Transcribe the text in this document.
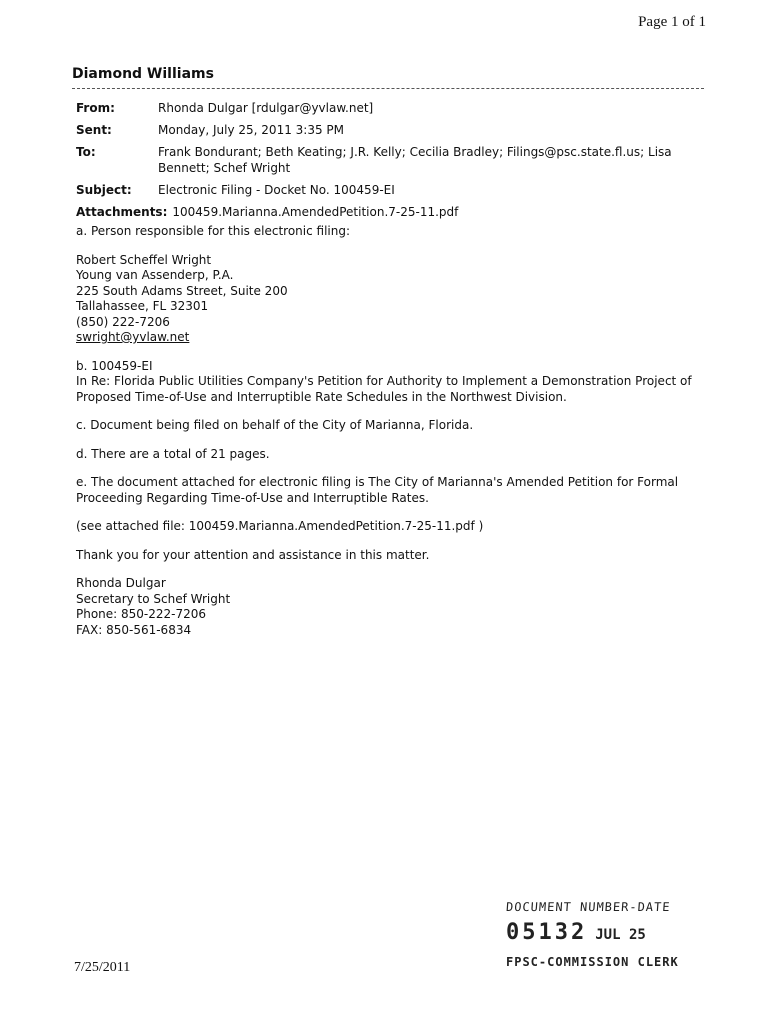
Page 1 of 1
Diamond Williams
From:	Rhonda Dulgar [rdulgar@yvlaw.net]
Sent:	Monday, July 25, 2011 3:35 PM
To:	Frank Bondurant; Beth Keating; J.R. Kelly; Cecilia Bradley; Filings@psc.state.fl.us; Lisa Bennett; Schef Wright
Subject:	Electronic Filing - Docket No. 100459-EI
Attachments: 100459.Marianna.AmendedPetition.7-25-11.pdf

a. Person responsible for this electronic filing:

Robert Scheffel Wright
Young van Assenderp, P.A.
225 South Adams Street, Suite 200
Tallahassee, FL 32301
(850) 222-7206
swright@yvlaw.net

b. 100459-EI
In Re: Florida Public Utilities Company's Petition for Authority to Implement a Demonstration Project of Proposed Time-of-Use and Interruptible Rate Schedules in the Northwest Division.

c. Document being filed on behalf of the City of Marianna, Florida.

d. There are a total of 21 pages.

e. The document attached for electronic filing is The City of Marianna's Amended Petition for Formal Proceeding Regarding Time-of-Use and Interruptible Rates.

(see attached file: 100459.Marianna.AmendedPetition.7-25-11.pdf )

Thank you for your attention and assistance in this matter.

Rhonda Dulgar
Secretary to Schef Wright
Phone: 850-222-7206
FAX: 850-561-6834

7/25/2011
DOCUMENT NUMBER-DATE
05132 JUL 25
FPSC-COMMISSION CLERK
